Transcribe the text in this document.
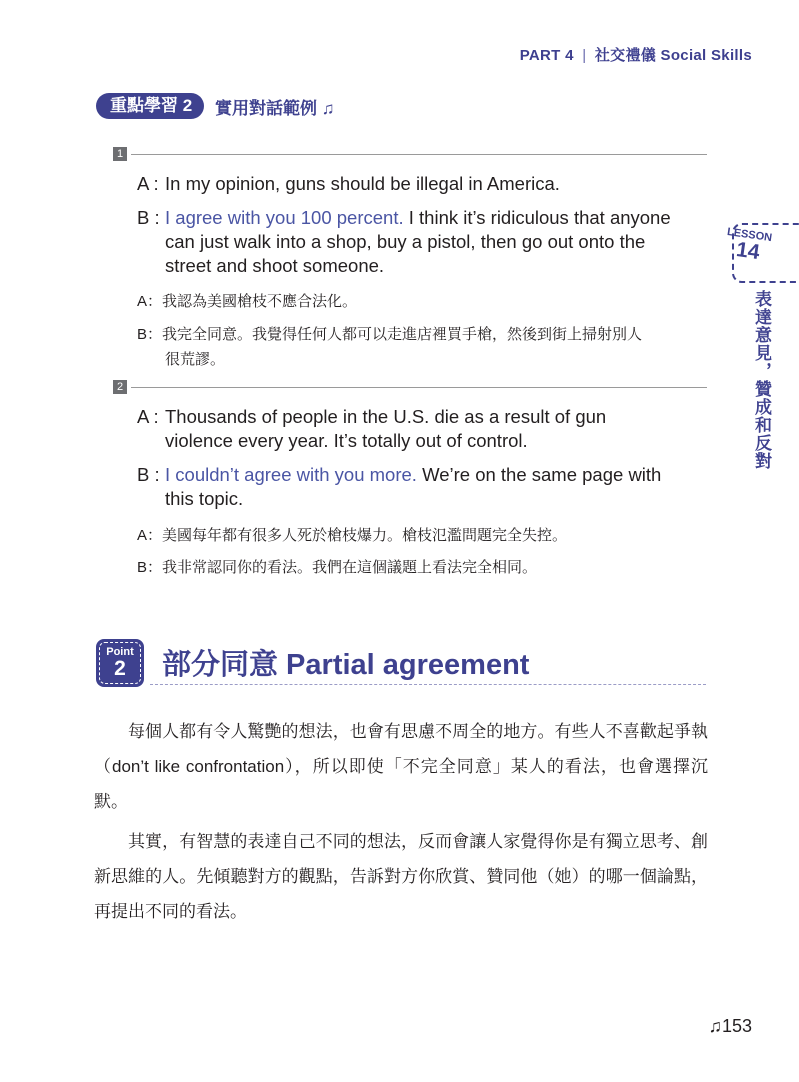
PART 4 | 社交禮儀 Social Skills
重點學習 2	實用對話範例 ♫
1
A : In my opinion, guns should be illegal in America.
B : I agree with you 100 percent. I think it’s ridiculous that anyone
can just walk into a shop, buy a pistol, then go out onto the
street and shoot someone.
A：我認為美國槍枝不應合法化。
B：我完全同意。我覺得任何人都可以走進店裡買手槍，然後到街上掃射別人
很荒謬。
2
A : Thousands of people in the U.S. die as a result of gun
violence every year. It’s totally out of control.
B : I couldn’t agree with you more. We’re on the same page with
this topic.
A：美國每年都有很多人死於槍枝爆力。槍枝氾濫問題完全失控。
B：我非常認同你的看法。我們在這個議題上看法完全相同。
LESSON
14
表達意見，贊成和反對
Point
2	部分同意 Partial agreement

每個人都有令人驚艷的想法，也會有思慮不周全的地方。有些人不喜歡起爭執（don’t like confrontation），所以即使「不完全同意」某人的看法，也會選擇沉默。

其實，有智慧的表達自己不同的想法，反而會讓人家覺得你是有獨立思考、創新思維的人。先傾聽對方的觀點，告訴對方你欣賞、贊同他（她）的哪一個論點，再提出不同的看法。

♫153
